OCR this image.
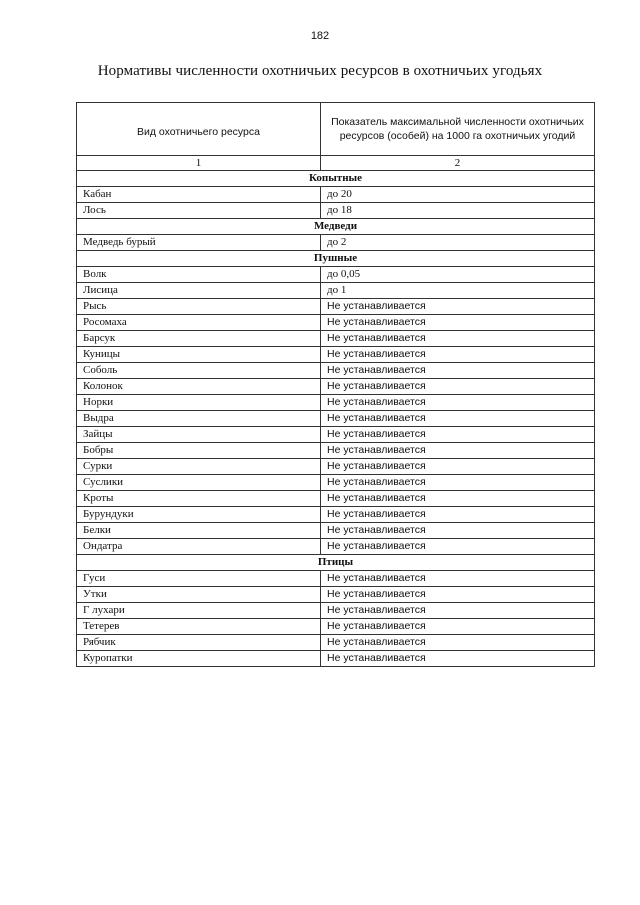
182
Нормативы численности охотничьих ресурсов в охотничьих угодьях
Вид охотничьего ресурса	Показатель максимальной численности охотничьих ресурсов (особей) на 1000 га охотничьих угодий
1	2
Копытные	
Кабан	до 20
Лось	до 18
Медведи	
Медведь бурый	до 2
Пушные	
Волк	до 0,05
Лисица	до 1
Рысь	Не устанавливается
Росомаха	Не устанавливается
Барсук	Не устанавливается
Куницы	Не устанавливается
Соболь	Не устанавливается
Колонок	Не устанавливается
Норки	Не устанавливается
Выдра	Не устанавливается
Зайцы	Не устанавливается
Бобры	Не устанавливается
Сурки	Не устанавливается
Суслики	Не устанавливается
Кроты	Не устанавливается
Бурундуки	Не устанавливается
Белки	Не устанавливается
Ондатра	Не устанавливается
Птицы	
Гуси	Не устанавливается
Утки	Не устанавливается
Г лухари	Не устанавливается
Тетерев	Не устанавливается
Рябчик	Не устанавливается
Куропатки	Не устанавливается
